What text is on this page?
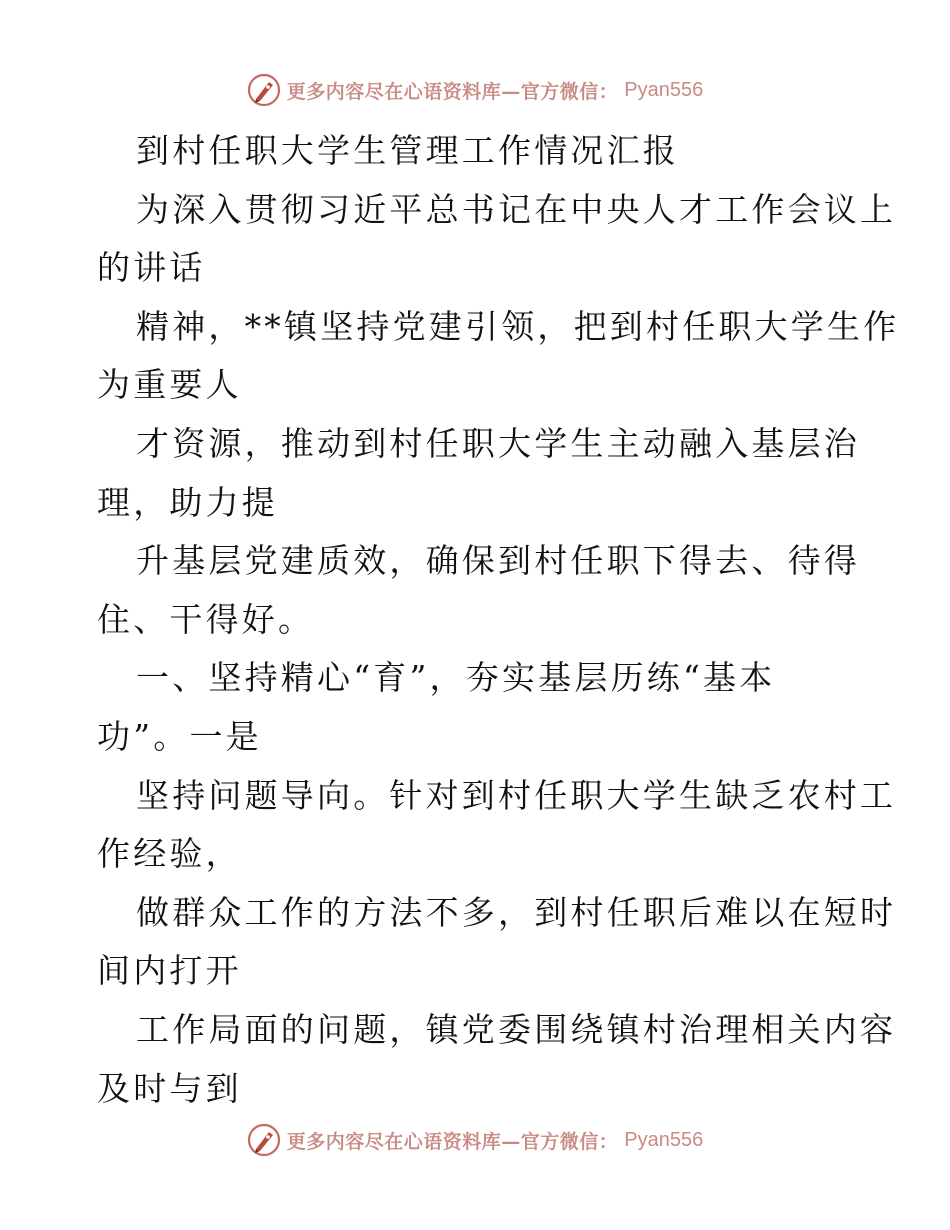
更多内容尽在心语资料库—官方微信： Pyan556
到村任职大学生管理工作情况汇报
为深入贯彻习近平总书记在中央人才工作会议上
的讲话
精神，**镇坚持党建引领，把到村任职大学生作
为重要人
才资源，推动到村任职大学生主动融入基层治
理，助力提
升基层党建质效，确保到村任职下得去、待得
住、干得好。
一、坚持精心“育”，夯实基层历练“基本
功”。一是
坚持问题导向。针对到村任职大学生缺乏农村工
作经验，
做群众工作的方法不多，到村任职后难以在短时
间内打开
工作局面的问题，镇党委围绕镇村治理相关内容
及时与到
更多内容尽在心语资料库—官方微信： Pyan556
